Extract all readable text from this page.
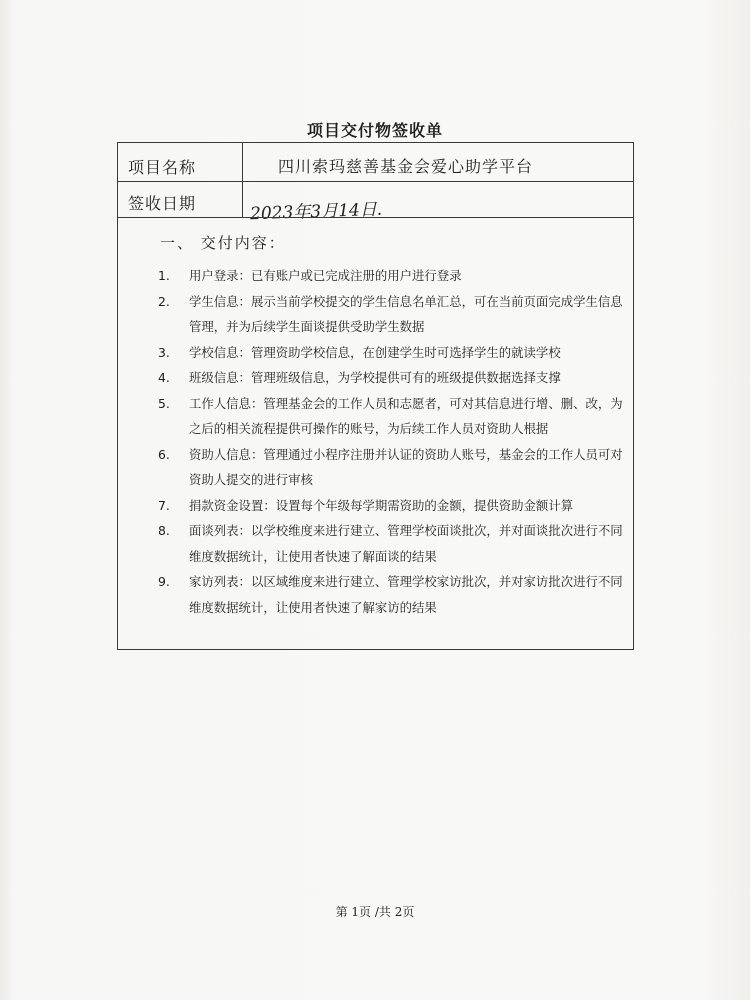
项目交付物签收单
项目名称	四川索玛慈善基金会爱心助学平台
签收日期	2023年3月14日.
一、 交付内容：
1. 用户登录：已有账户或已完成注册的用户进行登录
2. 学生信息：展示当前学校提交的学生信息名单汇总，可在当前页面完成学生信息管理，并为后续学生面谈提供受助学生数据
3. 学校信息：管理资助学校信息，在创建学生时可选择学生的就读学校
4. 班级信息：管理班级信息，为学校提供可有的班级提供数据选择支撑
5. 工作人信息：管理基金会的工作人员和志愿者，可对其信息进行增、删、改，为之后的相关流程提供可操作的账号，为后续工作人员对资助人根据
6. 资助人信息：管理通过小程序注册并认证的资助人账号，基金会的工作人员可对资助人提交的进行审核
7. 捐款资金设置：设置每个年级每学期需资助的金额，提供资助金额计算
8. 面谈列表：以学校维度来进行建立、管理学校面谈批次，并对面谈批次进行不同维度数据统计，让使用者快速了解面谈的结果
9. 家访列表：以区域维度来进行建立、管理学校家访批次，并对家访批次进行不同维度数据统计，让使用者快速了解家访的结果
第 1页 /共 2页
